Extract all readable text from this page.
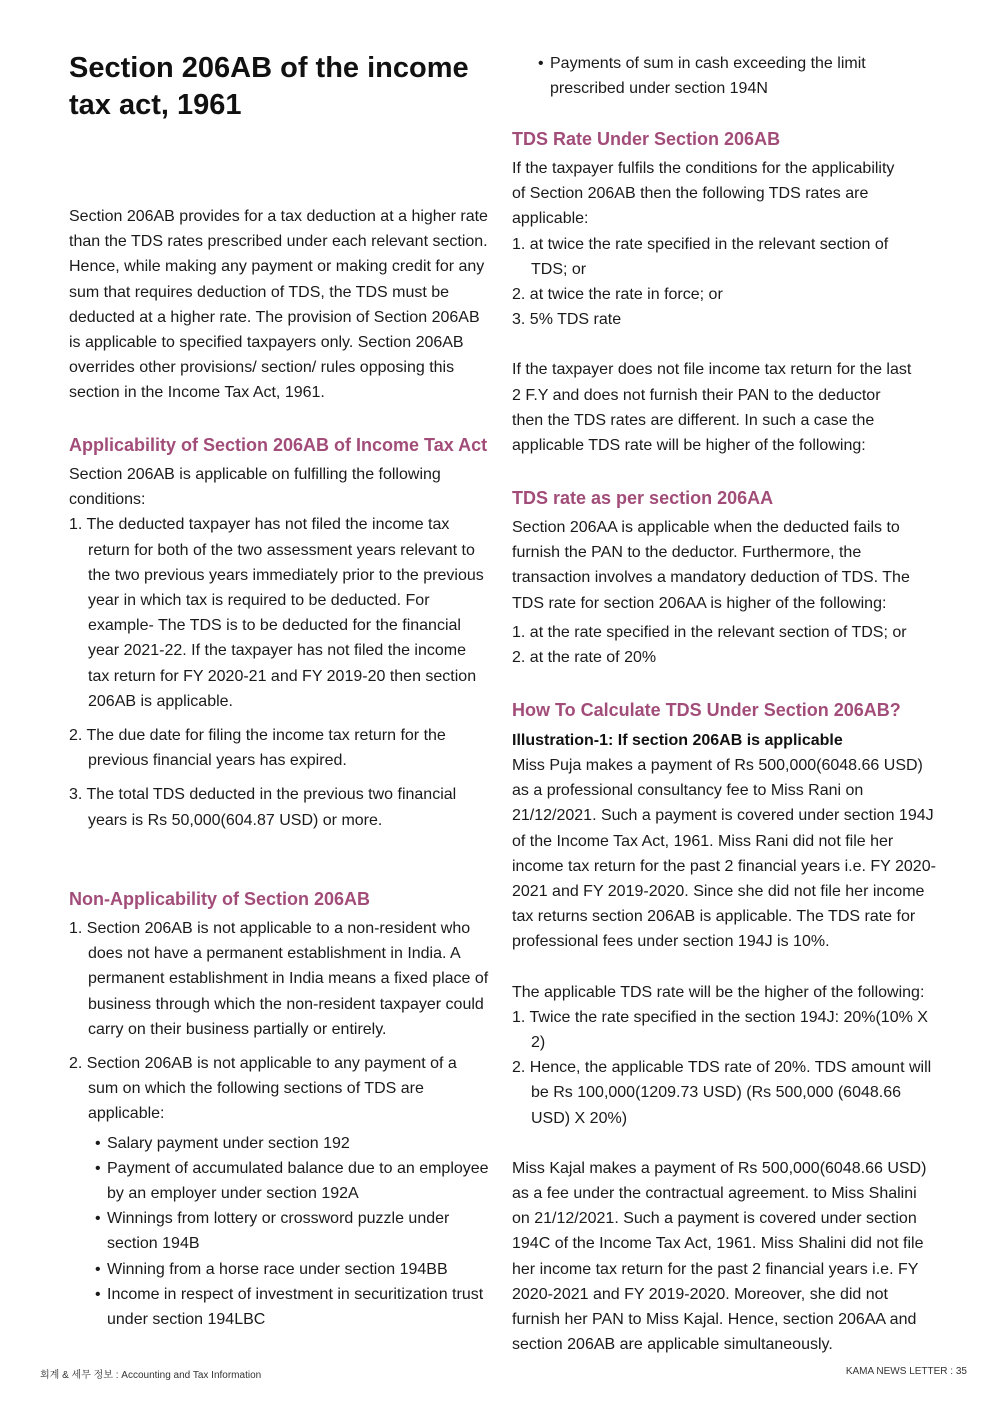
Section 206AB of the income tax act, 1961

Section 206AB provides for a tax deduction at a higher rate than the TDS rates prescribed under each relevant section. Hence, while making any payment or making credit for any sum that requires deduction of TDS, the TDS must be deducted at a higher rate. The provision of Section 206AB is applicable to specified taxpayers only. Section 206AB overrides other provisions/ section/ rules opposing this section in the Income Tax Act, 1961.

Applicability of Section 206AB of Income Tax Act

Section 206AB is applicable on fulfilling the following conditions:

1. The deducted taxpayer has not filed the income tax return for both of the two assessment years relevant to the two previous years immediately prior to the previous year in which tax is required to be deducted. For example- The TDS is to be deducted for the financial year 2021-22. If the taxpayer has not filed the income tax return for FY 2020-21 and FY 2019-20 then section 206AB is applicable.
2. The due date for filing the income tax return for the previous financial years has expired.
3. The total TDS deducted in the previous two financial years is Rs 50,000(604.87 USD) or more.
Non-Applicability of Section 206AB
1. Section 206AB is not applicable to a non-resident who does not have a permanent establishment in India. A permanent establishment in India means a fixed place of business through which the non-resident taxpayer could carry on their business partially or entirely.
2. Section 206AB is not applicable to any payment of a sum on which the following sections of TDS are applicable:
• Salary payment under section 192
• Payment of accumulated balance due to an employee by an employer under section 192A
• Winnings from lottery or crossword puzzle under section 194B
• Winning from a horse race under section 194BB
• Income in respect of investment in securitization trust under section 194LBC
• Payments of sum in cash exceeding the limit prescribed under section 194N
TDS Rate Under Section 206AB

If the taxpayer fulfils the conditions for the applicability of Section 206AB then the following TDS rates are applicable:

1. at twice the rate specified in the relevant section of TDS; or
2. at twice the rate in force; or
3. 5% TDS rate

If the taxpayer does not file income tax return for the last 2 F.Y and does not furnish their PAN to the deductor then the TDS rates are different. In such a case the applicable TDS rate will be higher of the following:

TDS rate as per section 206AA

Section 206AA is applicable when the deducted fails to furnish the PAN to the deductor. Furthermore, the transaction involves a mandatory deduction of TDS. The TDS rate for section 206AA is higher of the following:

1. at the rate specified in the relevant section of TDS; or
2. at the rate of 20%
How To Calculate TDS Under Section 206AB?
Illustration-1: If section 206AB is applicable

Miss Puja makes a payment of Rs 500,000(6048.66 USD) as a professional consultancy fee to Miss Rani on 21/12/2021. Such a payment is covered under section 194J of the Income Tax Act, 1961. Miss Rani did not file her income tax return for the past 2 financial years i.e. FY 2020-2021 and FY 2019-2020. Since she did not file her income tax returns section 206AB is applicable. The TDS rate for professional fees under section 194J is 10%.

The applicable TDS rate will be the higher of the following:

1. Twice the rate specified in the section 194J: 20%(10% X 2)
2. Hence, the applicable TDS rate of 20%. TDS amount will be Rs 100,000(1209.73 USD) (Rs 500,000 (6048.66 USD) X 20%)

Miss Kajal makes a payment of Rs 500,000(6048.66 USD) as a fee under the contractual agreement. to Miss Shalini on 21/12/2021. Such a payment is covered under section 194C of the Income Tax Act, 1961. Miss Shalini did not file her income tax return for the past 2 financial years i.e. FY 2020-2021 and FY 2019-2020. Moreover, she did not furnish her PAN to Miss Kajal. Hence, section 206AA and section 206AB are applicable simultaneously.

회계 & 세무 정보 : Accounting and Tax Information	KAMA NEWS LETTER : 35
